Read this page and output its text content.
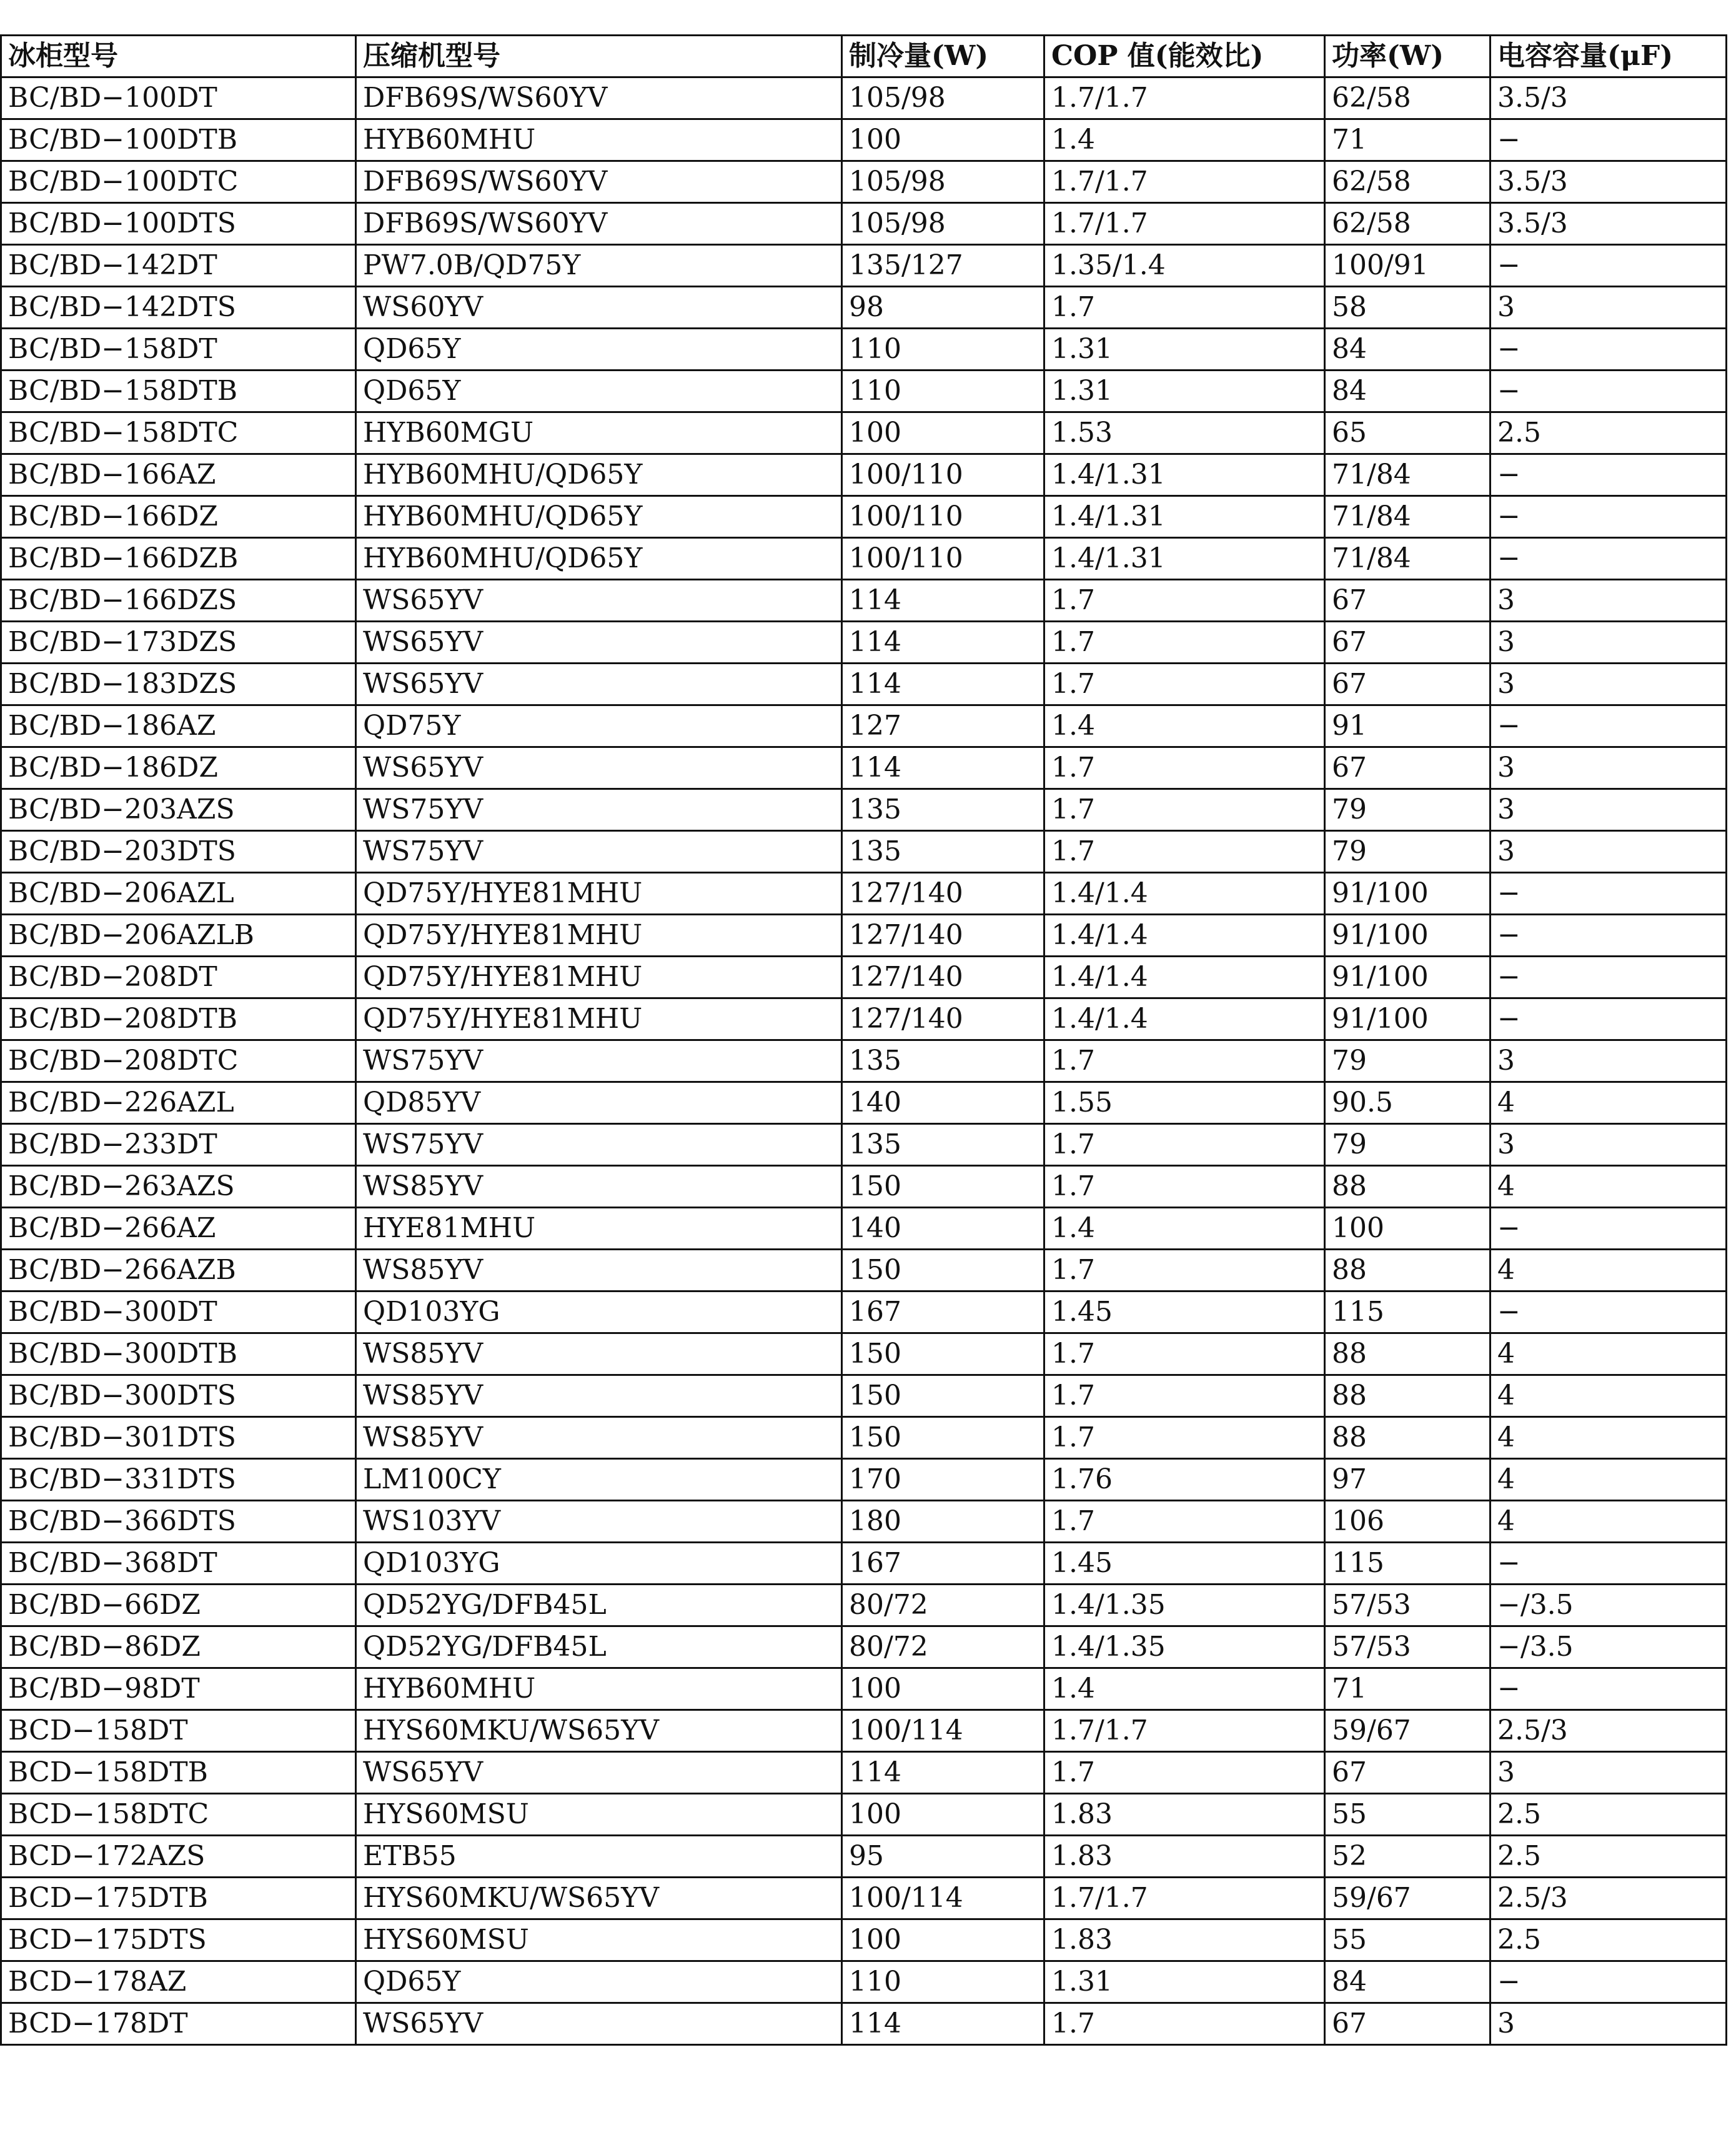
冰柜型号	压缩机型号	制冷量(W)	COP 值(能效比)	功率(W)	电容容量(μF)
BC/BD−100DT	DFB69S/WS60YV	105/98	1.7/1.7	62/58	3.5/3
BC/BD−100DTB	HYB60MHU	100	1.4	71	−
BC/BD−100DTC	DFB69S/WS60YV	105/98	1.7/1.7	62/58	3.5/3
BC/BD−100DTS	DFB69S/WS60YV	105/98	1.7/1.7	62/58	3.5/3
BC/BD−142DT	PW7.0B/QD75Y	135/127	1.35/1.4	100/91	−
BC/BD−142DTS	WS60YV	98	1.7	58	3
BC/BD−158DT	QD65Y	110	1.31	84	−
BC/BD−158DTB	QD65Y	110	1.31	84	−
BC/BD−158DTC	HYB60MGU	100	1.53	65	2.5
BC/BD−166AZ	HYB60MHU/QD65Y	100/110	1.4/1.31	71/84	−
BC/BD−166DZ	HYB60MHU/QD65Y	100/110	1.4/1.31	71/84	−
BC/BD−166DZB	HYB60MHU/QD65Y	100/110	1.4/1.31	71/84	−
BC/BD−166DZS	WS65YV	114	1.7	67	3
BC/BD−173DZS	WS65YV	114	1.7	67	3
BC/BD−183DZS	WS65YV	114	1.7	67	3
BC/BD−186AZ	QD75Y	127	1.4	91	−
BC/BD−186DZ	WS65YV	114	1.7	67	3
BC/BD−203AZS	WS75YV	135	1.7	79	3
BC/BD−203DTS	WS75YV	135	1.7	79	3
BC/BD−206AZL	QD75Y/HYE81MHU	127/140	1.4/1.4	91/100	−
BC/BD−206AZLB	QD75Y/HYE81MHU	127/140	1.4/1.4	91/100	−
BC/BD−208DT	QD75Y/HYE81MHU	127/140	1.4/1.4	91/100	−
BC/BD−208DTB	QD75Y/HYE81MHU	127/140	1.4/1.4	91/100	−
BC/BD−208DTC	WS75YV	135	1.7	79	3
BC/BD−226AZL	QD85YV	140	1.55	90.5	4
BC/BD−233DT	WS75YV	135	1.7	79	3
BC/BD−263AZS	WS85YV	150	1.7	88	4
BC/BD−266AZ	HYE81MHU	140	1.4	100	−
BC/BD−266AZB	WS85YV	150	1.7	88	4
BC/BD−300DT	QD103YG	167	1.45	115	−
BC/BD−300DTB	WS85YV	150	1.7	88	4
BC/BD−300DTS	WS85YV	150	1.7	88	4
BC/BD−301DTS	WS85YV	150	1.7	88	4
BC/BD−331DTS	LM100CY	170	1.76	97	4
BC/BD−366DTS	WS103YV	180	1.7	106	4
BC/BD−368DT	QD103YG	167	1.45	115	−
BC/BD−66DZ	QD52YG/DFB45L	80/72	1.4/1.35	57/53	−/3.5
BC/BD−86DZ	QD52YG/DFB45L	80/72	1.4/1.35	57/53	−/3.5
BC/BD−98DT	HYB60MHU	100	1.4	71	−
BCD−158DT	HYS60MKU/WS65YV	100/114	1.7/1.7	59/67	2.5/3
BCD−158DTB	WS65YV	114	1.7	67	3
BCD−158DTC	HYS60MSU	100	1.83	55	2.5
BCD−172AZS	ETB55	95	1.83	52	2.5
BCD−175DTB	HYS60MKU/WS65YV	100/114	1.7/1.7	59/67	2.5/3
BCD−175DTS	HYS60MSU	100	1.83	55	2.5
BCD−178AZ	QD65Y	110	1.31	84	−
BCD−178DT	WS65YV	114	1.7	67	3
